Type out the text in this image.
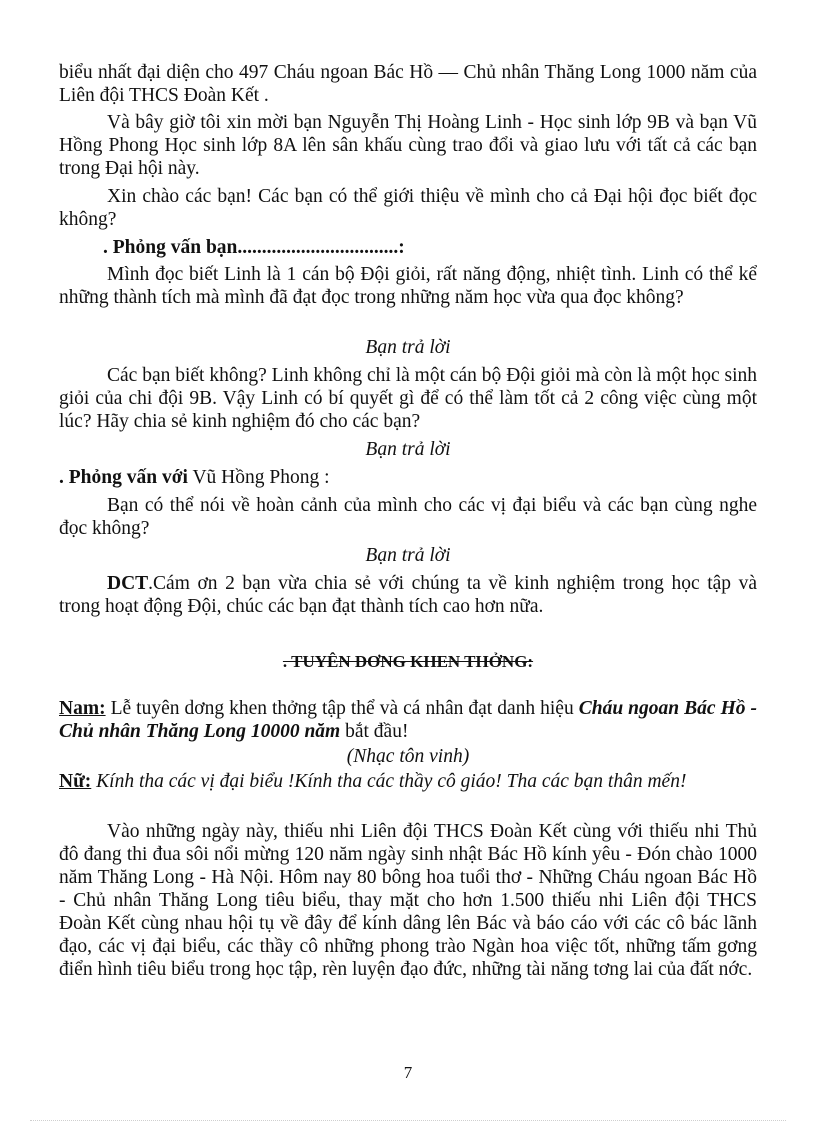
biểu nhất đại diện cho 497 Cháu ngoan Bác Hồ — Chủ nhân Thăng Long 1000 năm của Liên đội THCS Đoàn Kết .

Và bây giờ tôi xin mời bạn Nguyễn Thị Hoàng Linh - Học sinh lớp 9B và bạn Vũ Hồng Phong Học sinh lớp 8A lên sân khấu cùng trao đổi và giao lưu với tất cả các bạn trong Đại hội này.

Xin chào các bạn! Các bạn có thể giới thiệu về mình cho cả Đại hội đọc biết đọc không?

. Phỏng vấn bạn.................................:

Mình đọc biết Linh là 1 cán bộ Đội giỏi, rất năng động, nhiệt tình. Linh có thể kể những thành tích mà mình đã đạt đọc trong những năm học vừa qua đọc không?

Bạn trả lời

Các bạn biết không? Linh không chỉ là một cán bộ Đội giỏi mà còn là một học sinh giỏi của chi đội 9B. Vậy Linh có bí quyết gì để có thể làm tốt cả 2 công việc cùng một lúc? Hãy chia sẻ kinh nghiệm đó cho các bạn?

Bạn trả lời

. Phỏng vấn với Vũ Hồng Phong :

Bạn có thể nói về hoàn cảnh của mình cho các vị đại biểu và các bạn cùng nghe đọc không?

Bạn trả lời

DCT.Cám ơn 2 bạn vừa chia sẻ với chúng ta về kinh nghiệm trong học tập và trong hoạt động Đội, chúc các bạn đạt thành tích cao hơn nữa.

. TUYÊN DƠNG KHEN THỞNG:

Nam: Lễ tuyên dơng khen thởng tập thể và cá nhân đạt danh hiệu Cháu ngoan Bác Hồ - Chủ nhân Thăng Long 10000 năm bắt đầu!

(Nhạc tôn vinh)

Nữ: Kính tha các vị đại biểu !Kính tha các thầy cô giáo! Tha các bạn thân mến!

Vào những ngày này, thiếu nhi Liên đội THCS Đoàn Kết cùng với thiếu nhi Thủ đô đang thi đua sôi nổi mừng 120 năm ngày sinh nhật Bác Hồ kính yêu - Đón chào 1000 năm Thăng Long - Hà Nội. Hôm nay 80 bông hoa tuổi thơ - Những Cháu ngoan Bác Hồ - Chủ nhân Thăng Long tiêu biểu, thay mặt cho hơn 1.500 thiếu nhi Liên đội THCS Đoàn Kết cùng nhau hội tụ về đây để kính dâng lên Bác và báo cáo với các cô bác lãnh đạo, các vị đại biểu, các thầy cô những phong trào Ngàn hoa việc tốt, những tấm gơng điển hình tiêu biểu trong học tập, rèn luyện đạo đức, những tài năng tơng lai của đất nớc.

7
